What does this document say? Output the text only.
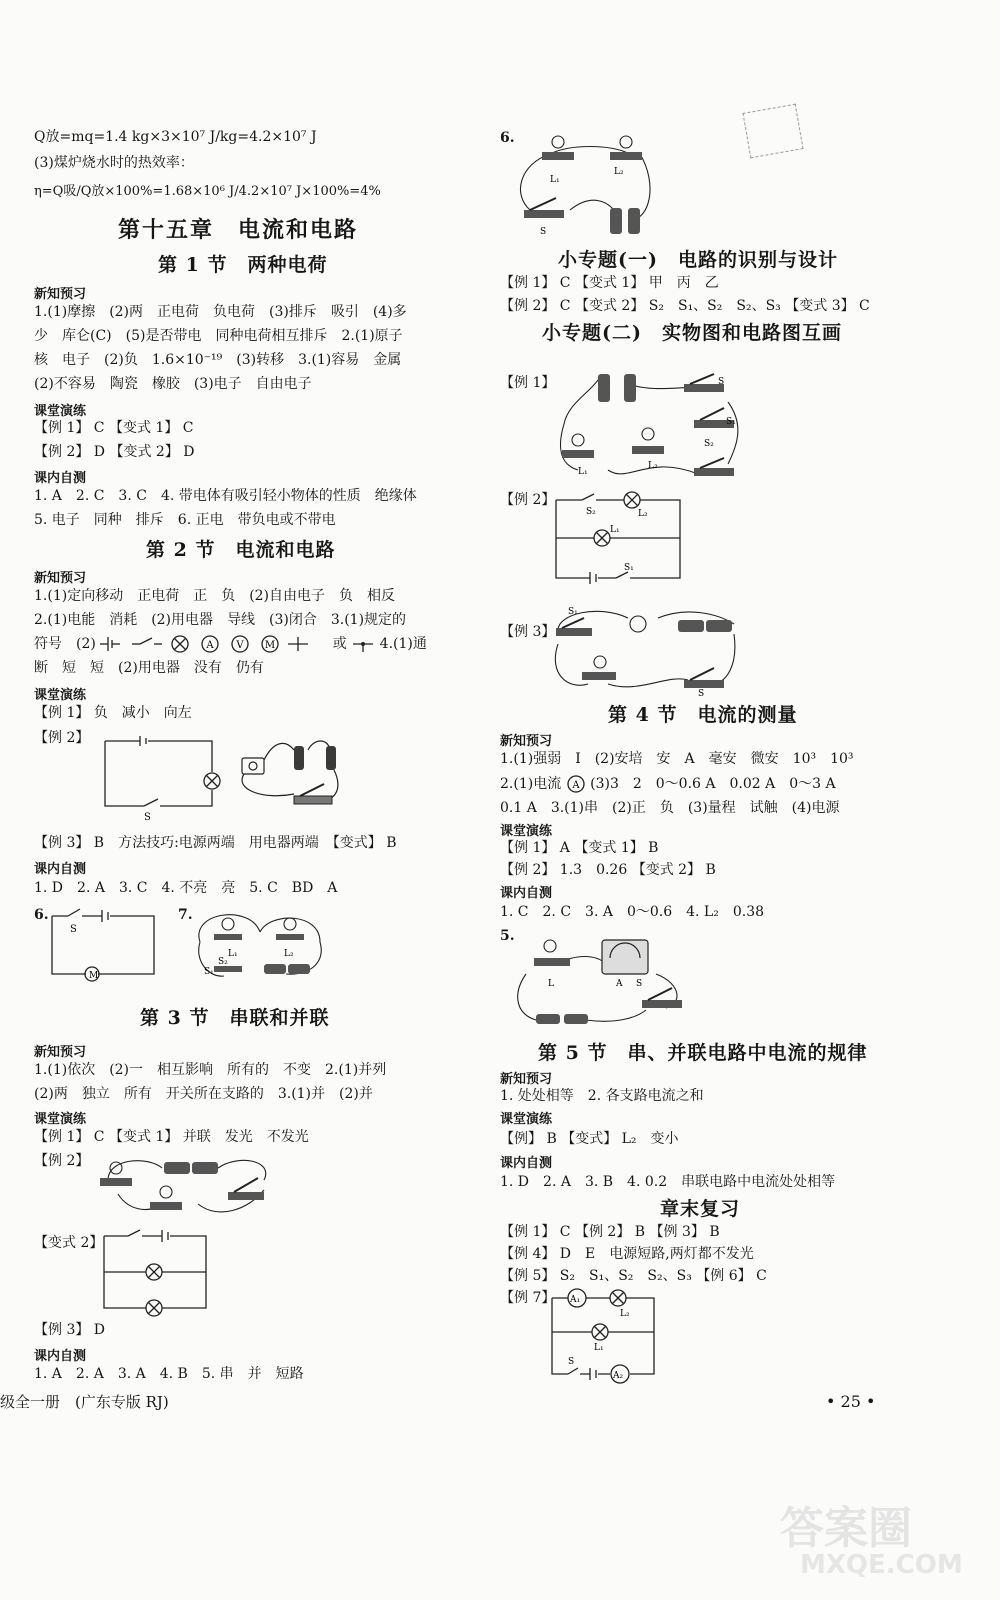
Q放=mq=1.4 kg×3×10⁷ J/kg=4.2×10⁷ J
(3)煤炉烧水时的热效率：
η=Q吸/Q放×100%=1.68×10⁶ J/4.2×10⁷ J×100%=4%
第十五章　电流和电路
第 1 节　两种电荷
新知预习
1.(1)摩擦　(2)两　正电荷　负电荷　(3)排斥　吸引　(4)多
少　库仑(C)　(5)是否带电　同种电荷相互排斥　2.(1)原子
核　电子　(2)负　1.6×10⁻¹⁹　(3)转移　3.(1)容易　金属
(2)不容易　陶瓷　橡胶　(3)电子　自由电子
课堂演练
【例 1】 C 【变式 1】 C
【例 2】 D 【变式 2】 D
课内自测
1. A　2. C　3. C　4. 带电体有吸引轻小物体的性质　绝缘体
5. 电子　同种　排斥　6. 正电　带负电或不带电
第 2 节　电流和电路
新知预习
1.(1)定向移动　正电荷　正　负　(2)自由电子　负　相反
2.(1)电能　消耗　(2)用电器　导线　(3)闭合　3.(1)规定的
符号　(2)	A V M	或 4.(1)通
断　短　短　(2)用电器　没有　仍有
课堂演练
【例 1】 负　减小　向左
【例 2】
S
【例 3】 B　方法技巧:电源两端　用电器两端　【变式】 B
课内自测
1. D　2. A　3. C　4. 不亮　亮　5. C　BD　A
6.
M
S
7.
L₁	L₂
S₂
S₁
第 3 节　串联和并联
新知预习
1.(1)依次　(2)一　相互影响　所有的　不变　2.(1)并列
(2)两　独立　所有　开关所在支路的　3.(1)并　(2)并
课堂演练
【例 1】 C 【变式 1】 并联　发光　不发光
【例 2】
【变式 2】
【例 3】 D
课内自测
1. A　2. A　3. A　4. B　5. 串　并　短路
级全一册　(广东专版 RJ)
6.
L₁
L₂
S
小专题(一)　电路的识别与设计
【例 1】 C 【变式 1】 甲　丙　乙
【例 2】 C 【变式 2】 S₂　S₁、S₂　S₂、S₃ 【变式 3】 C
小专题(二)　实物图和电路图互画
【例 1】	S
S₁
S₂
L₁
L₂
【例 2】
S₂	L₂
L₁
S₁
【例 3】
S₁
S
第 4 节　电流的测量
新知预习
1.(1)强弱　I　(2)安培　安　A　毫安　微安　10³　10³
2.(1)电流 A (3)3　2　0～0.6 A　0.02 A　0～3 A
0.1 A　3.(1)串　(2)正　负　(3)量程　试触　(4)电源
课堂演练
【例 1】 A 【变式 1】 B
【例 2】 1.3　0.26 【变式 2】 B
课内自测
1. C　2. C　3. A　0～0.6　4. L₂　0.38
5.
L	A S
第 5 节　串、并联电路中电流的规律
新知预习
1. 处处相等　2. 各支路电流之和
课堂演练
【例】 B 【变式】 L₂　变小
课内自测
1. D　2. A　3. B　4. 0.2　串联电路中电流处处相等
章末复习
【例 1】 C 【例 2】 B 【例 3】 B
【例 4】 D　E　电源短路,两灯都不发光
【例 5】 S₂　S₁、S₂　S₂、S₃ 【例 6】 C
【例 7】 A₁
L₂
L₁
S
A₂
• 25 •
答案圈
MXQE.COM
